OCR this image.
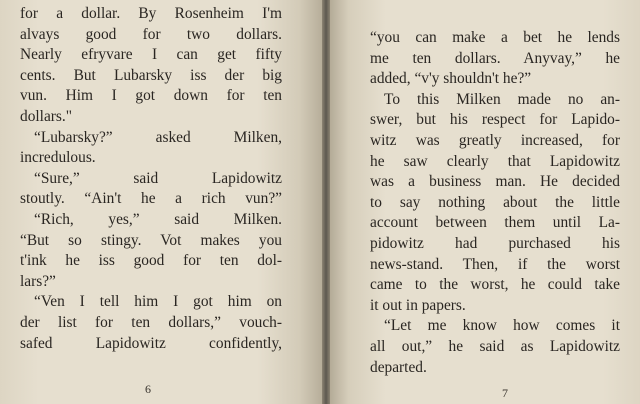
for a dollar. By Rosenheim I'm
alvays good for two dollars.
Nearly efryvare I can get fifty
cents. But Lubarsky iss der big
vun. Him I got down for ten
dollars."
“Lubarsky?” asked Milken,
incredulous.
“Sure,” said Lapidowitz
stoutly. “Ain't he a rich vun?”
“Rich, yes,” said Milken.
“But so stingy. Vot makes you
t'ink he iss good for ten dol-
lars?”
“Ven I tell him I got him on
der list for ten dollars,” vouch-
safed Lapidowitz confidently,
6
“you can make a bet he lends
me ten dollars. Anyvay,” he
added, “v'y shouldn't he?”
To this Milken made no an-
swer, but his respect for Lapido-
witz was greatly increased, for
he saw clearly that Lapidowitz
was a business man. He decided
to say nothing about the little
account between them until La-
pidowitz had purchased his
news-stand. Then, if the worst
came to the worst, he could take
it out in papers.
“Let me know how comes it
all out,” he said as Lapidowitz
departed.
7
